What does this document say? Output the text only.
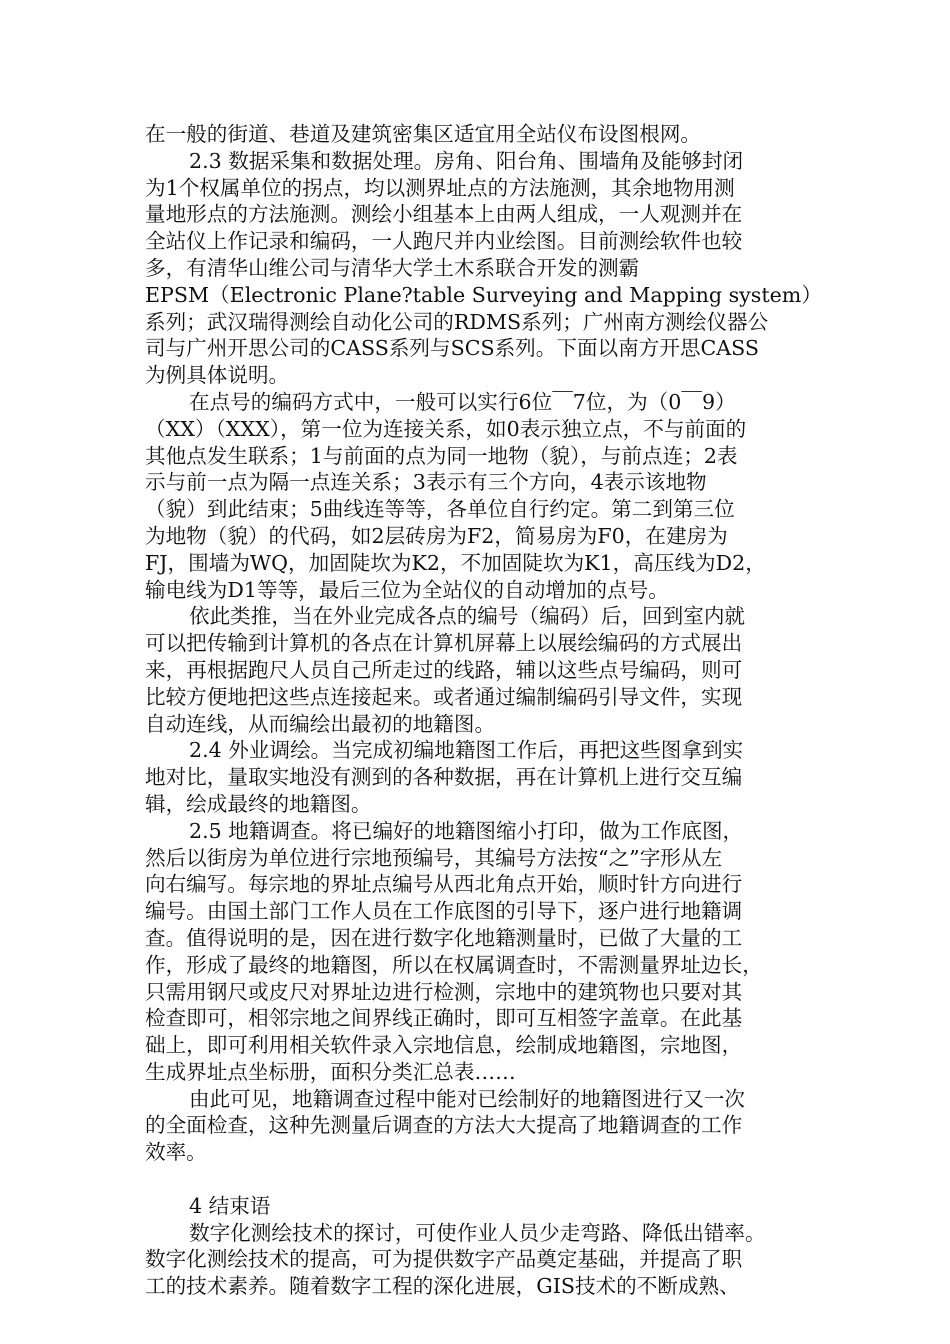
在一般的街道、巷道及建筑密集区适宜用全站仪布设图根网。
2.3 数据采集和数据处理。房角、阳台角、围墙角及能够封闭
为1个权属单位的拐点，均以测界址点的方法施测，其余地物用测
量地形点的方法施测。测绘小组基本上由两人组成，一人观测并在
全站仪上作记录和编码，一人跑尺并内业绘图。目前测绘软件也较
多，有清华山维公司与清华大学土木系联合开发的测霸
EPSM（Electronic Plane?table Surveying and Mapping system）
系列；武汉瑞得测绘自动化公司的RDMS系列；广州南方测绘仪器公
司与广州开思公司的CASS系列与SCS系列。下面以南方开思CASS
为例具体说明。
在点号的编码方式中，一般可以实行6位￣7位，为（0￣9）
（XX）（XXX），第一位为连接关系，如0表示独立点，不与前面的
其他点发生联系；1与前面的点为同一地物（貌），与前点连；2表
示与前一点为隔一点连关系；3表示有三个方向，4表示该地物
（貌）到此结束；5曲线连等等，各单位自行约定。第二到第三位
为地物（貌）的代码，如2层砖房为F2，简易房为F0，在建房为
FJ，围墙为WQ，加固陡坎为K2，不加固陡坎为K1，高压线为D2，
输电线为D1等等，最后三位为全站仪的自动增加的点号。
依此类推，当在外业完成各点的编号（编码）后，回到室内就
可以把传输到计算机的各点在计算机屏幕上以展绘编码的方式展出
来，再根据跑尺人员自己所走过的线路，辅以这些点号编码，则可
比较方便地把这些点连接起来。或者通过编制编码引导文件，实现
自动连线，从而编绘出最初的地籍图。
2.4 外业调绘。当完成初编地籍图工作后，再把这些图拿到实
地对比，量取实地没有测到的各种数据，再在计算机上进行交互编
辑，绘成最终的地籍图。
2.5 地籍调查。将已编好的地籍图缩小打印，做为工作底图，
然后以街房为单位进行宗地预编号，其编号方法按“之”字形从左
向右编写。每宗地的界址点编号从西北角点开始，顺时针方向进行
编号。由国土部门工作人员在工作底图的引导下，逐户进行地籍调
查。值得说明的是，因在进行数字化地籍测量时，已做了大量的工
作，形成了最终的地籍图，所以在权属调查时，不需测量界址边长，
只需用钢尺或皮尺对界址边进行检测，宗地中的建筑物也只要对其
检查即可，相邻宗地之间界线正确时，即可互相签字盖章。在此基
础上，即可利用相关软件录入宗地信息，绘制成地籍图，宗地图，
生成界址点坐标册，面积分类汇总表……
由此可见，地籍调查过程中能对已绘制好的地籍图进行又一次
的全面检查，这种先测量后调查的方法大大提高了地籍调查的工作
效率。
4 结束语
数字化测绘技术的探讨，可使作业人员少走弯路、降低出错率。
数字化测绘技术的提高，可为提供数字产品奠定基础，并提高了职
工的技术素养。随着数字工程的深化进展，GIS技术的不断成熟、
